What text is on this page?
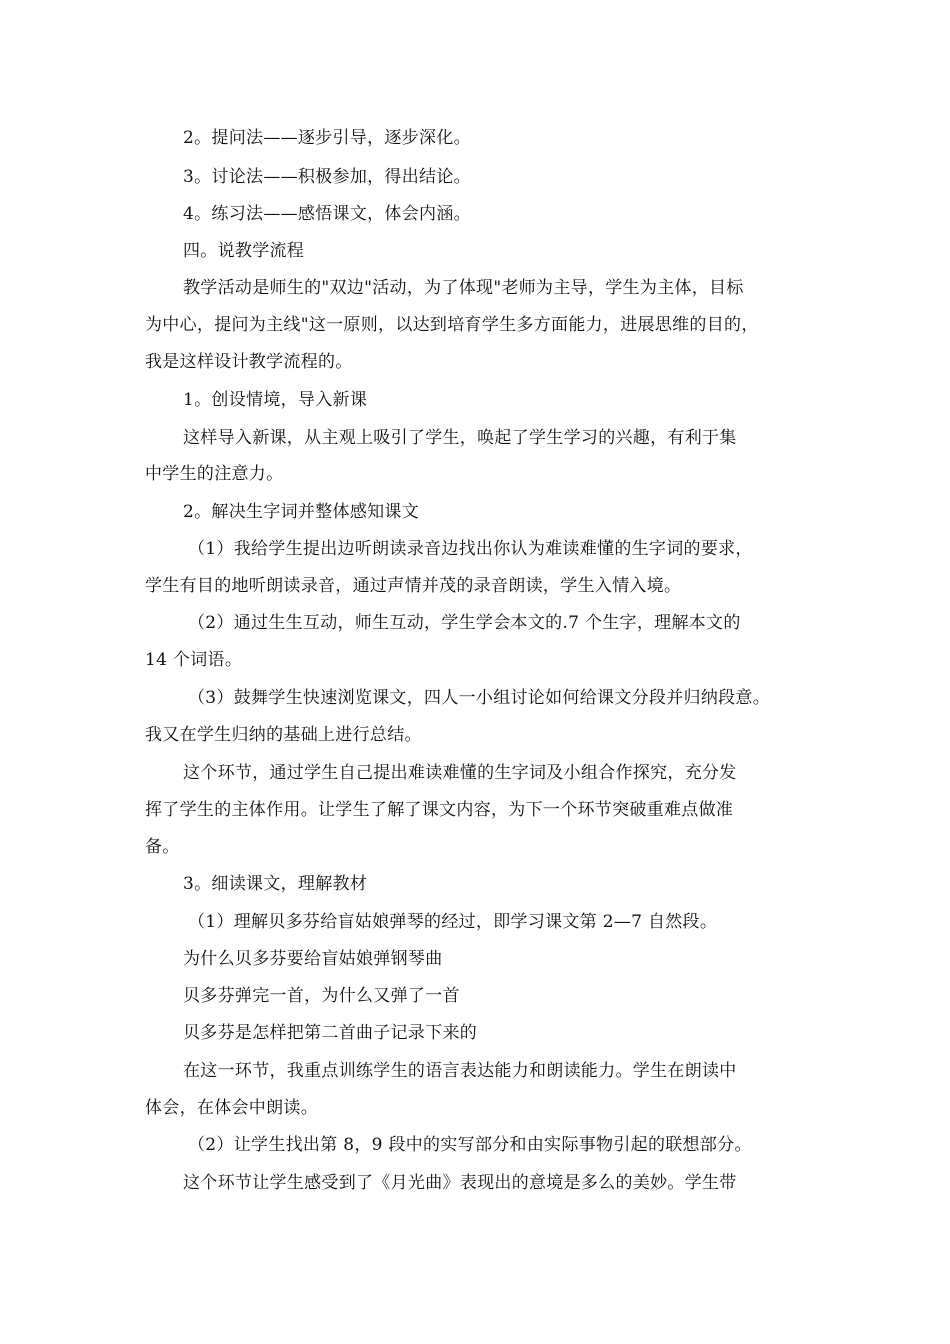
2。提问法——逐步引导，逐步深化。
3。讨论法——积极参加，得出结论。
4。练习法——感悟课文，体会内涵。
四。说教学流程
教学活动是师生的"双边"活动，为了体现"老师为主导，学生为主体，目标
为中心，提问为主线"这一原则，以达到培育学生多方面能力，进展思维的目的，
我是这样设计教学流程的。
1。创设情境，导入新课
这样导入新课，从主观上吸引了学生，唤起了学生学习的兴趣，有利于集
中学生的注意力。
2。解决生字词并整体感知课文
（1）我给学生提出边听朗读录音边找出你认为难读难懂的生字词的要求，
学生有目的地听朗读录音，通过声情并茂的录音朗读，学生入情入境。
（2）通过生生互动，师生互动，学生学会本文的.7 个生字，理解本文的
14 个词语。
（3）鼓舞学生快速浏览课文，四人一小组讨论如何给课文分段并归纳段意。
我又在学生归纳的基础上进行总结。
这个环节，通过学生自己提出难读难懂的生字词及小组合作探究，充分发
挥了学生的主体作用。让学生了解了课文内容，为下一个环节突破重难点做准
备。
3。细读课文，理解教材
（1）理解贝多芬给盲姑娘弹琴的经过，即学习课文第 2—7 自然段。
为什么贝多芬要给盲姑娘弹钢琴曲
贝多芬弹完一首，为什么又弹了一首
贝多芬是怎样把第二首曲子记录下来的
在这一环节，我重点训练学生的语言表达能力和朗读能力。学生在朗读中
体会，在体会中朗读。
（2）让学生找出第 8，9 段中的实写部分和由实际事物引起的联想部分。
这个环节让学生感受到了《月光曲》表现出的意境是多么的美妙。学生带
